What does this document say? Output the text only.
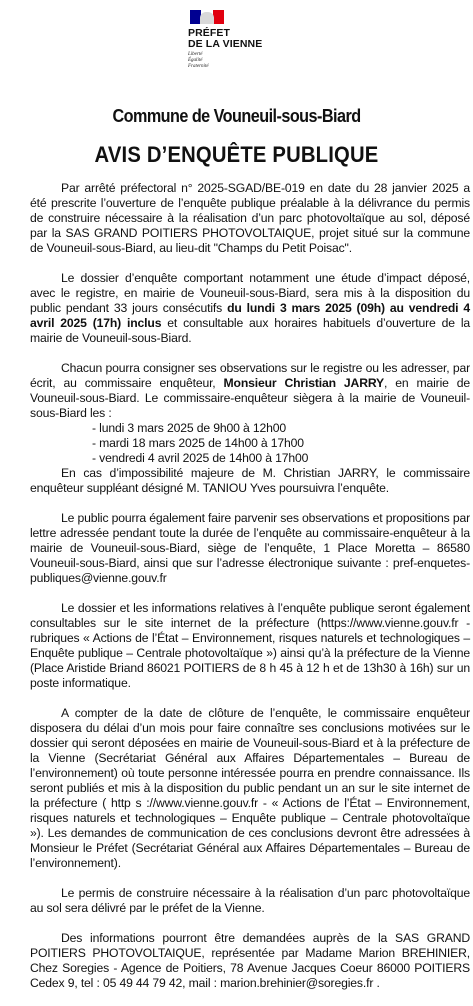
PRÉFET
DE LA VIENNE
Liberté
Égalité
Fraternité
Commune de Vouneuil-sous-Biard
AVIS D’ENQUÊTE PUBLIQUE

Par arrêté préfectoral n° 2025-SGAD/BE-019 en date du 28 janvier 2025 a été prescrite l’ouverture de l’enquête publique préalable à la délivrance du permis de construire nécessaire à la réalisation d’un parc photovoltaïque au sol, déposé par la SAS GRAND POITIERS PHOTOVOLTAIQUE, projet situé sur la commune de Vouneuil-sous-Biard, au lieu-dit "Champs du Petit Poisac".

Le dossier d’enquête comportant notamment une étude d’impact déposé, avec le registre, en mairie de Vouneuil-sous-Biard, sera mis à la disposition du public pendant 33 jours consécutifs du lundi 3 mars 2025 (09h) au vendredi 4 avril 2025 (17h) inclus et consultable aux horaires habituels d’ouverture de la mairie de Vouneuil-sous-Biard.

Chacun pourra consigner ses observations sur le registre ou les adresser, par écrit, au commissaire enquêteur, Monsieur Christian JARRY, en mairie de Vouneuil-sous-Biard. Le commissaire-enquêteur siègera à la mairie de Vouneuil-sous-Biard les :
- lundi 3 mars 2025 de 9h00 à 12h00
- mardi 18 mars 2025 de 14h00 à 17h00
- vendredi 4 avril 2025 de 14h00 à 17h00
En cas d’impossibilité majeure de M. Christian JARRY, le commissaire enquêteur suppléant désigné M. TANIOU Yves poursuivra l’enquête.

Le public pourra également faire parvenir ses observations et propositions par lettre adressée pendant toute la durée de l’enquête au commissaire-enquêteur à la mairie de Vouneuil-sous-Biard, siège de l’enquête, 1 Place Moretta – 86580 Vouneuil-sous-Biard, ainsi que sur l’adresse électronique suivante : pref-enquetes-publiques@vienne.gouv.fr

Le dossier et les informations relatives à l’enquête publique seront également consultables sur le site internet de la préfecture (https://www.vienne.gouv.fr - rubriques « Actions de l’État – Environnement, risques naturels et technologiques – Enquête publique – Centrale photovoltaïque ») ainsi qu’à la préfecture de la Vienne (Place Aristide Briand 86021 POITIERS de 8 h 45 à 12 h et de 13h30 à 16h) sur un poste informatique.

A compter de la date de clôture de l’enquête, le commissaire enquêteur disposera du délai d’un mois pour faire connaître ses conclusions motivées sur le dossier qui seront déposées en mairie de Vouneuil-sous-Biard et à la préfecture de la Vienne (Secrétariat Général aux Affaires Départementales – Bureau de l’environnement) où toute personne intéressée pourra en prendre connaissance. Ils seront publiés et mis à la disposition du public pendant un an sur le site internet de la préfecture ( http s ://www.vienne.gouv.fr - « Actions de l’État – Environnement, risques naturels et technologiques – Enquête publique – Centrale photovoltaïque »). Les demandes de communication de ces conclusions devront être adressées à Monsieur le Préfet (Secrétariat Général aux Affaires Départementales – Bureau de l’environnement).

Le permis de construire nécessaire à la réalisation d’un parc photovoltaïque au sol sera délivré par le préfet de la Vienne.

Des informations pourront être demandées auprès de la SAS GRAND POITIERS PHOTOVOLTAIQUE, représentée par Madame Marion BREHINIER, Chez Soregies - Agence de Poitiers, 78 Avenue Jacques Coeur 86000 POITIERS Cedex 9, tel : 05 49 44 79 42, mail : marion.brehinier@soregies.fr .
